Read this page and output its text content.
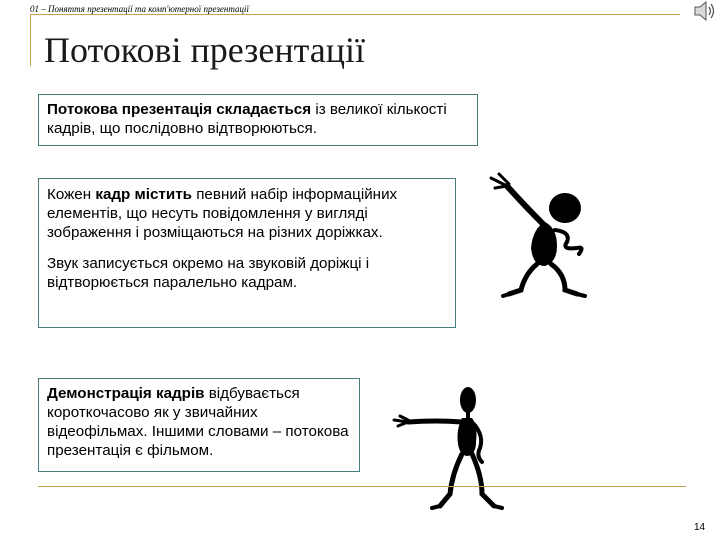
01 – Поняття презентації та комп'ютерної презентації
Потокові презентації

Потокова презентація складається із великої кількості кадрів, що послідовно відтворюються.

Кожен кадр містить певний набір інформаційних елементів, що несуть повідомлення у вигляді зображення і розміщаються на різних доріжках.

Звук записується окремо на звуковій доріжці і відтворюється паралельно кадрам.

Демонстрація кадрів відбувається короткочасово як у звичайних відеофільмах. Іншими словами – потокова презентація є фільмом.

14
